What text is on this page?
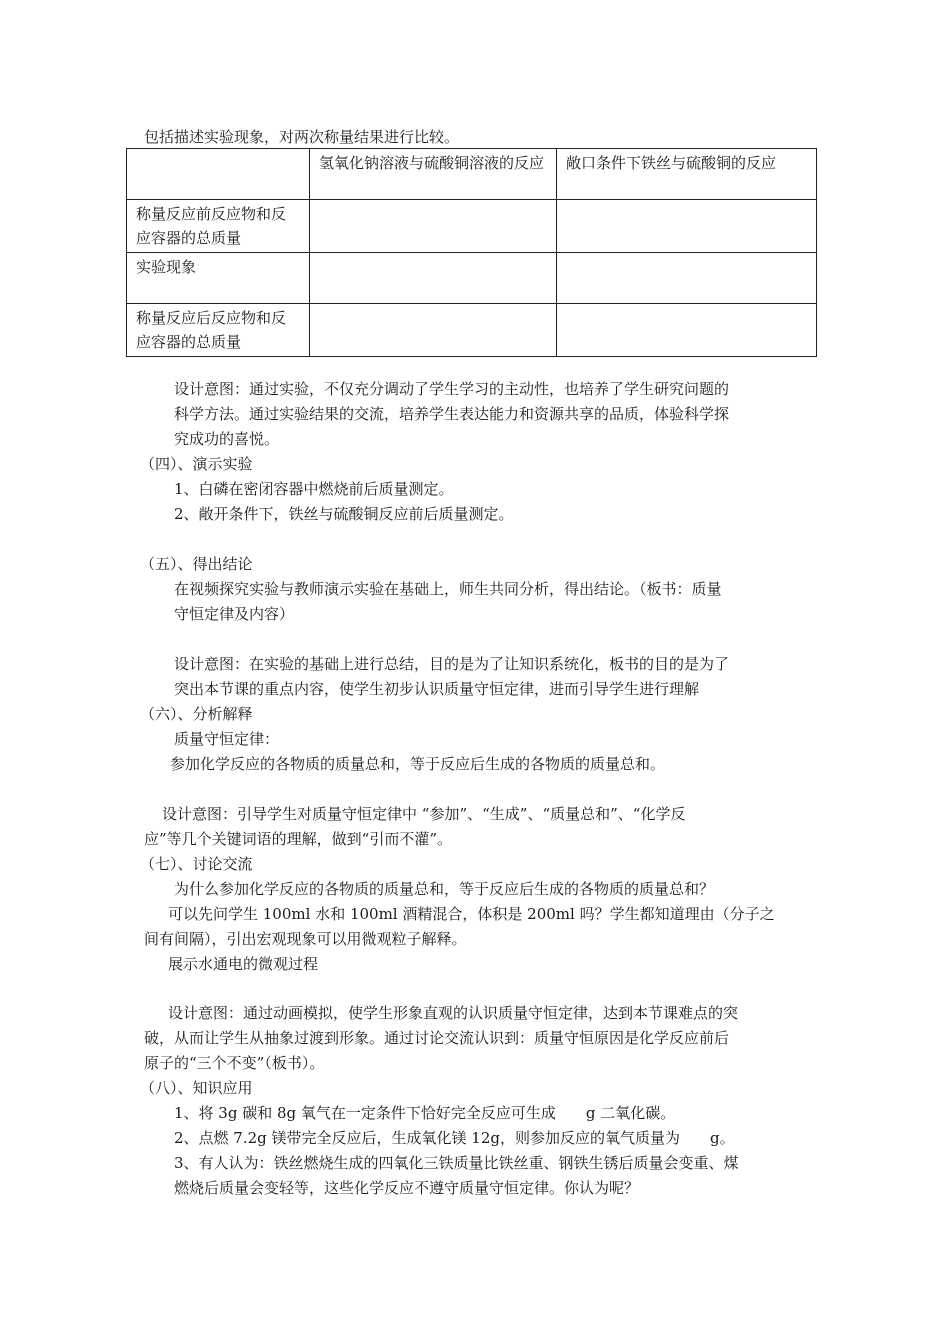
包括描述实验现象，对两次称量结果进行比较。
	氢氧化钠溶液与硫酸铜溶液的反应	敞口条件下铁丝与硫酸铜的反应
称量反应前反应物和反应容器的总质量		
实验现象		
称量反应后反应物和反应容器的总质量		
设计意图：通过实验，不仅充分调动了学生学习的主动性，也培养了学生研究问题的
科学方法。通过实验结果的交流，培养学生表达能力和资源共享的品质，体验科学探
究成功的喜悦。
（四）、演示实验
1、白磷在密闭容器中燃烧前后质量测定。
2、敞开条件下，铁丝与硫酸铜反应前后质量测定。
（五）、得出结论
在视频探究实验与教师演示实验在基础上，师生共同分析，得出结论。（板书：质量
守恒定律及内容）
设计意图：在实验的基础上进行总结，目的是为了让知识系统化，板书的目的是为了
突出本节课的重点内容，使学生初步认识质量守恒定律，进而引导学生进行理解
（六）、分析解释
质量守恒定律：
参加化学反应的各物质的质量总和，等于反应后生成的各物质的质量总和。
设计意图：引导学生对质量守恒定律中 “参加”、“生成”、“质量总和”、“化学反
应”等几个关键词语的理解，做到“引而不灌”。
（七）、讨论交流
为什么参加化学反应的各物质的质量总和，等于反应后生成的各物质的质量总和？
可以先问学生 100ml 水和 100ml 酒精混合，体积是 200ml 吗？学生都知道理由（分子之
间有间隔），引出宏观现象可以用微观粒子解释。
展示水通电的微观过程
设计意图：通过动画模拟，使学生形象直观的认识质量守恒定律，达到本节课难点的突
破，从而让学生从抽象过渡到形象。通过讨论交流认识到：质量守恒原因是化学反应前后
原子的“三个不变”（板书）。
（八）、知识应用
1、将 3g 碳和 8g 氧气在一定条件下恰好完全反应可生成 g 二氧化碳。
2、点燃 7.2g 镁带完全反应后，生成氧化镁 12g，则参加反应的氧气质量为 g。
3、有人认为：铁丝燃烧生成的四氧化三铁质量比铁丝重、钢铁生锈后质量会变重、煤
燃烧后质量会变轻等，这些化学反应不遵守质量守恒定律。你认为呢？
